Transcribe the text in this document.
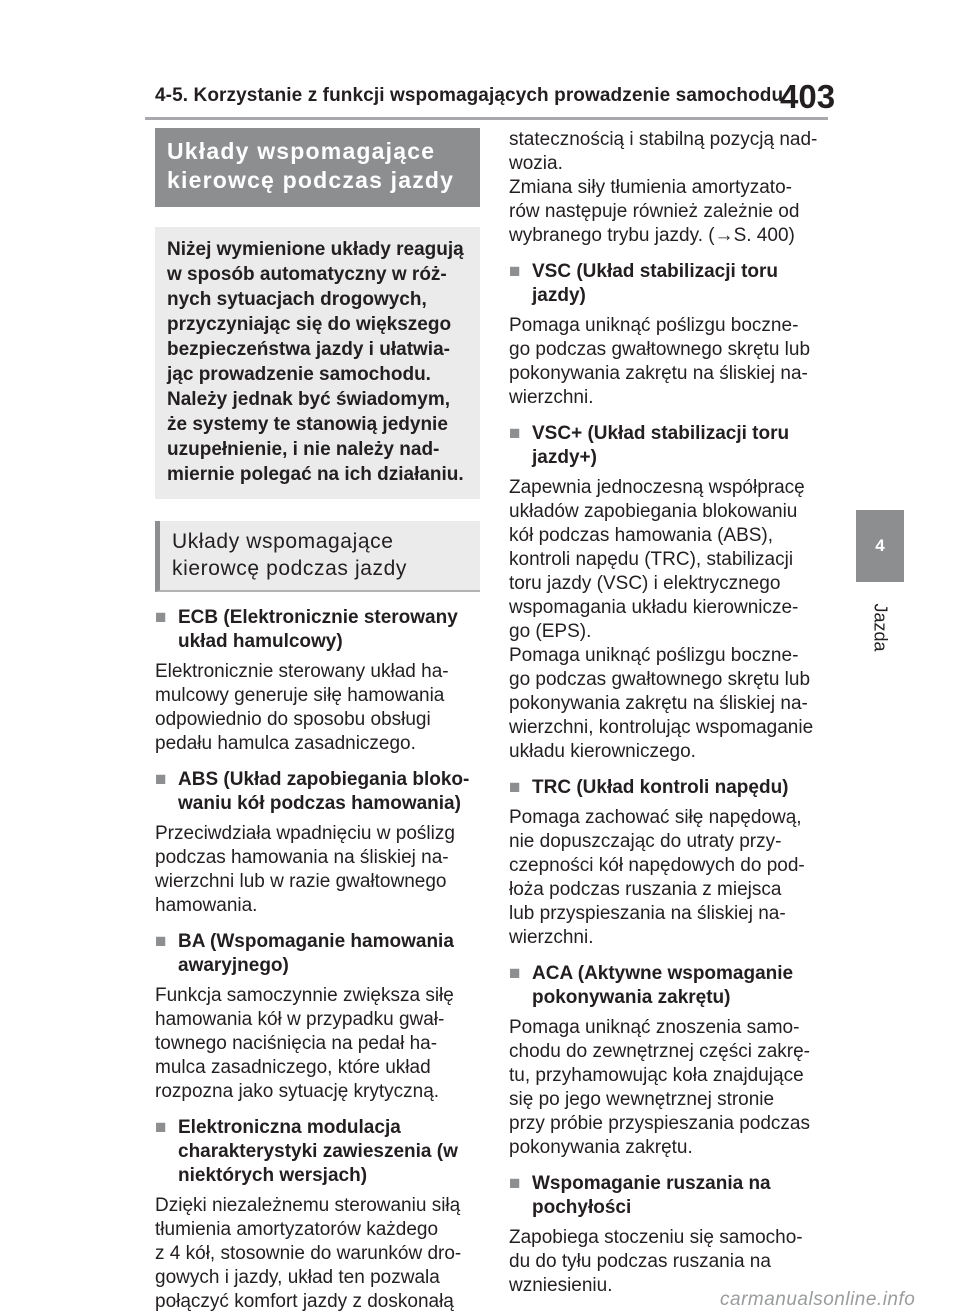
4-5. Korzystanie z funkcji wspomagających prowadzenie samochodu
403
4
Jazda
Układy wspomagające kierowcę podczas jazdy
Niżej wymienione układy reagują w sposób automatyczny w róż- nych sytuacjach drogowych, przyczyniając się do większego bezpieczeństwa jazdy i ułatwia- jąc prowadzenie samochodu. Należy jednak być świadomym, że systemy te stanowią jedynie uzupełnienie, i nie należy nad- miernie polegać na ich działaniu.
Układy wspomagające kierowcę podczas jazdy
■ ECB (Elektronicznie sterowany układ hamulcowy)
Elektronicznie sterowany układ ha-
mulcowy generuje siłę hamowania
odpowiednio do sposobu obsługi
pedału hamulca zasadniczego.
■ ABS (Układ zapobiegania bloko- waniu kół podczas hamowania)
Przeciwdziała wpadnięciu w poślizg
podczas hamowania na śliskiej na-
wierzchni lub w razie gwałtownego
hamowania.
■ BA (Wspomaganie hamowania awaryjnego)
Funkcja samoczynnie zwiększa siłę
hamowania kół w przypadku gwał-
townego naciśnięcia na pedał ha-
mulca zasadniczego, które układ
rozpozna jako sytuację krytyczną.
■ Elektroniczna modulacja charakterystyki zawieszenia (w niektórych wersjach)
Dzięki niezależnemu sterowaniu siłą
tłumienia amortyzatorów każdego
z 4 kół, stosownie do warunków dro-
gowych i jazdy, układ ten pozwala
połączyć komfort jazdy z doskonałą
statecznością i stabilną pozycją nad-
wozia.
Zmiana siły tłumienia amortyzato-
rów następuje również zależnie od
wybranego trybu jazdy. (→S. 400)
■ VSC (Układ stabilizacji toru jazdy)
Pomaga uniknąć poślizgu boczne-
go podczas gwałtownego skrętu lub
pokonywania zakrętu na śliskiej na-
wierzchni.
■ VSC+ (Układ stabilizacji toru jazdy+)
Zapewnia jednoczesną współpracę
układów zapobiegania blokowaniu
kół podczas hamowania (ABS),
kontroli napędu (TRC), stabilizacji
toru jazdy (VSC) i elektrycznego
wspomagania układu kierownicze-
go (EPS).
Pomaga uniknąć poślizgu boczne-
go podczas gwałtownego skrętu lub
pokonywania zakrętu na śliskiej na-
wierzchni, kontrolując wspomaganie
układu kierowniczego.
■ TRC (Układ kontroli napędu)
Pomaga zachować siłę napędową,
nie dopuszczając do utraty przy-
czepności kół napędowych do pod-
łoża podczas ruszania z miejsca
lub przyspieszania na śliskiej na-
wierzchni.
■ ACA (Aktywne wspomaganie pokonywania zakrętu)
Pomaga uniknąć znoszenia samo-
chodu do zewnętrznej części zakrę-
tu, przyhamowując koła znajdujące
się po jego wewnętrznej stronie
przy próbie przyspieszania podczas
pokonywania zakrętu.
■ Wspomaganie ruszania na pochyłości
Zapobiega stoczeniu się samocho-
du do tyłu podczas ruszania na
wzniesieniu.
carmanualsonline.info
